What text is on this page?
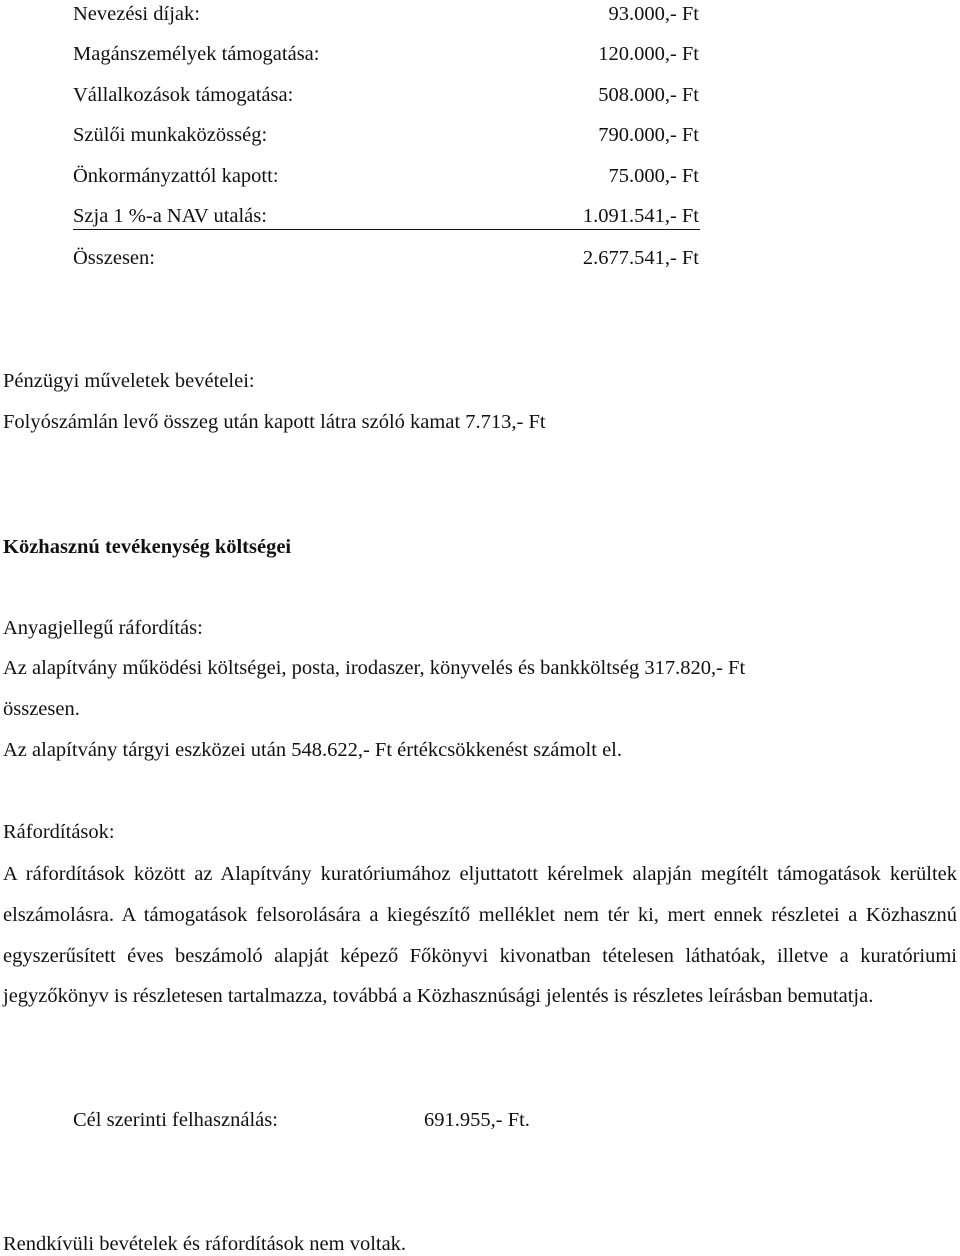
Nevezési díjak:	93.000,- Ft
Magánszemélyek támogatása:	120.000,- Ft
Vállalkozások támogatása:	508.000,- Ft
Szülői munkaközösség:	790.000,- Ft
Önkormányzattól kapott:	75.000,- Ft
Szja 1 %-a NAV utalás:	1.091.541,- Ft
Összesen:	2.677.541,- Ft
Pénzügyi műveletek bevételei:
Folyószámlán levő összeg után kapott látra szóló kamat 7.713,- Ft
Közhasznú tevékenység költségei
Anyagjellegű ráfordítás:
Az alapítvány működési költségei, posta, irodaszer, könyvelés és bankköltség 317.820,- Ft
összesen.
Az alapítvány tárgyi eszközei után 548.622,- Ft értékcsökkenést számolt el.
Ráfordítások:
A ráfordítások között az Alapítvány kuratóriumához eljuttatott kérelmek alapján megítélt támogatások kerültek elszámolásra. A támogatások felsorolására a kiegészítő melléklet nem tér ki, mert ennek részletei a Közhasznú egyszerűsített éves beszámoló alapját képező Főkönyvi kivonatban tételesen láthatóak, illetve a kuratóriumi jegyzőkönyv is részletesen tartalmazza, továbbá a Közhasznúsági jelentés is részletes leírásban bemutatja.
Cél szerinti felhasználás:	691.955,- Ft.
Rendkívüli bevételek és ráfordítások nem voltak.
